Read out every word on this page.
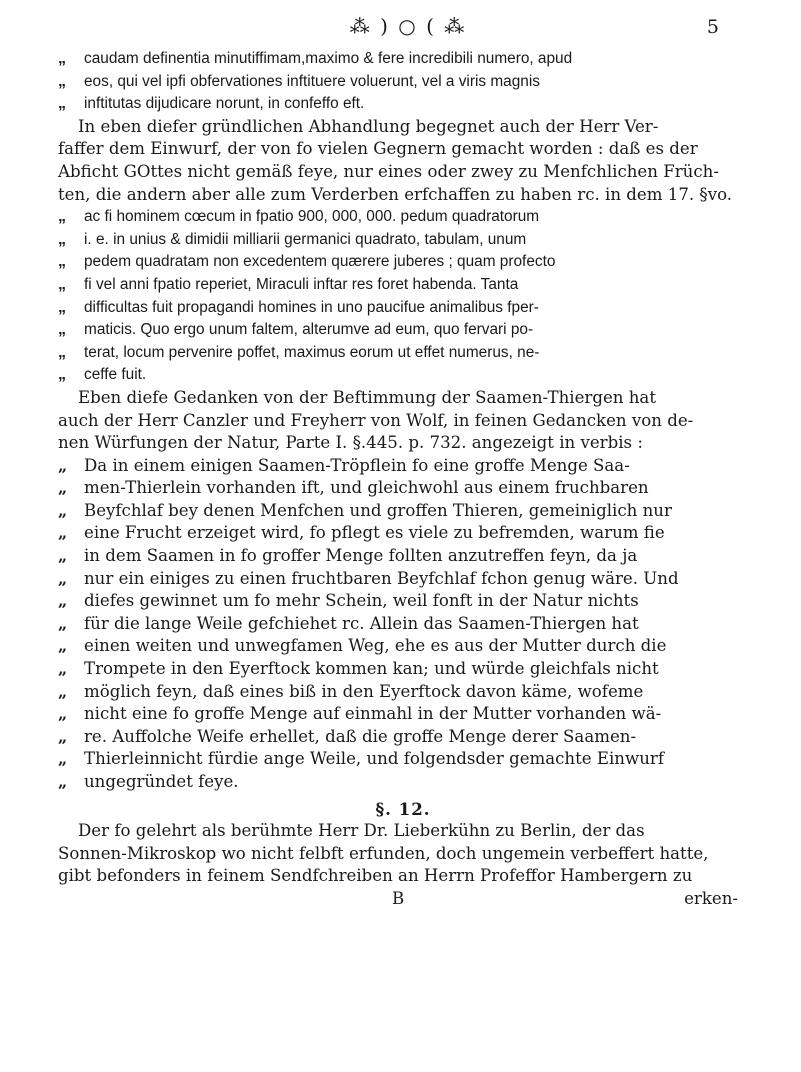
⁂ ) ○ ( ⁂	5
„	caudam definentia minutiffimam,maximo & fere incredibili numero, apud
„	eos, qui vel ipfi obfervationes inftituere voluerunt, vel a viris magnis
„	inftitutas dijudicare norunt, in confeffo eft.
In eben diefer gründlichen Abhandlung begegnet auch der Herr Ver-
faffer dem Einwurf, der von fo vielen Gegnern gemacht worden : daß es der
Abficht GOttes nicht gemäß feye, nur eines oder zwey zu Menfchlichen Früch-
ten, die andern aber alle zum Verderben erfchaffen zu haben rc. in dem 17. §vo.
„	ac fi hominem cœcum in fpatio 900, 000, 000. pedum quadratorum
„	i. e. in unius & dimidii milliarii germanici quadrato, tabulam, unum
„	pedem quadratam non excedentem quærere juberes ; quam profecto
„	fi vel anni fpatio reperiet, Miraculi inftar res foret habenda. Tanta
„	difficultas fuit propagandi homines in uno paucifue animalibus fper-
„	maticis. Quo ergo unum faltem, alterumve ad eum, quo fervari po-
„	terat, locum pervenire poffet, maximus eorum ut effet numerus, ne-
„	ceffe fuit.
Eben diefe Gedanken von der Beftimmung der Saamen-Thiergen hat
auch der Herr Canzler und Freyherr von Wolf, in feinen Gedancken von de-
nen Würfungen der Natur, Parte I. §.445. p. 732. angezeigt in verbis :
„	Da in einem einigen Saamen-Tröpflein fo eine groffe Menge Saa-
„	men-Thierlein vorhanden ift, und gleichwohl aus einem fruchbaren
„	Beyfchlaf bey denen Menfchen und groffen Thieren, gemeiniglich nur
„	eine Frucht erzeiget wird, fo pflegt es viele zu befremden, warum fie
„	in dem Saamen in fo groffer Menge follten anzutreffen feyn, da ja
„	nur ein einiges zu einen fruchtbaren Beyfchlaf fchon genug wäre. Und
„	diefes gewinnet um fo mehr Schein, weil fonft in der Natur nichts
„	für die lange Weile gefchiehet rc. Allein das Saamen-Thiergen hat
„	einen weiten und unwegfamen Weg, ehe es aus der Mutter durch die
„	Trompete in den Eyerftock kommen kan; und würde gleichfals nicht
„	möglich feyn, daß eines biß in den Eyerftock davon käme, wofeme
„	nicht eine fo groffe Menge auf einmahl in der Mutter vorhanden wä-
„	re. Auffolche Weife erhellet, daß die groffe Menge derer Saamen-
„	Thierleinnicht fürdie ange Weile, und folgendsder gemachte Einwurf
„	ungegründet feye.
§. 12.
Der fo gelehrt als berühmte Herr Dr. Lieberkühn zu Berlin, der das
Sonnen-Mikroskop wo nicht felbft erfunden, doch ungemein verbeffert hatte,
gibt befonders in feinem Sendfchreiben an Herrn Profeffor Hambergern zu
B	erken-
